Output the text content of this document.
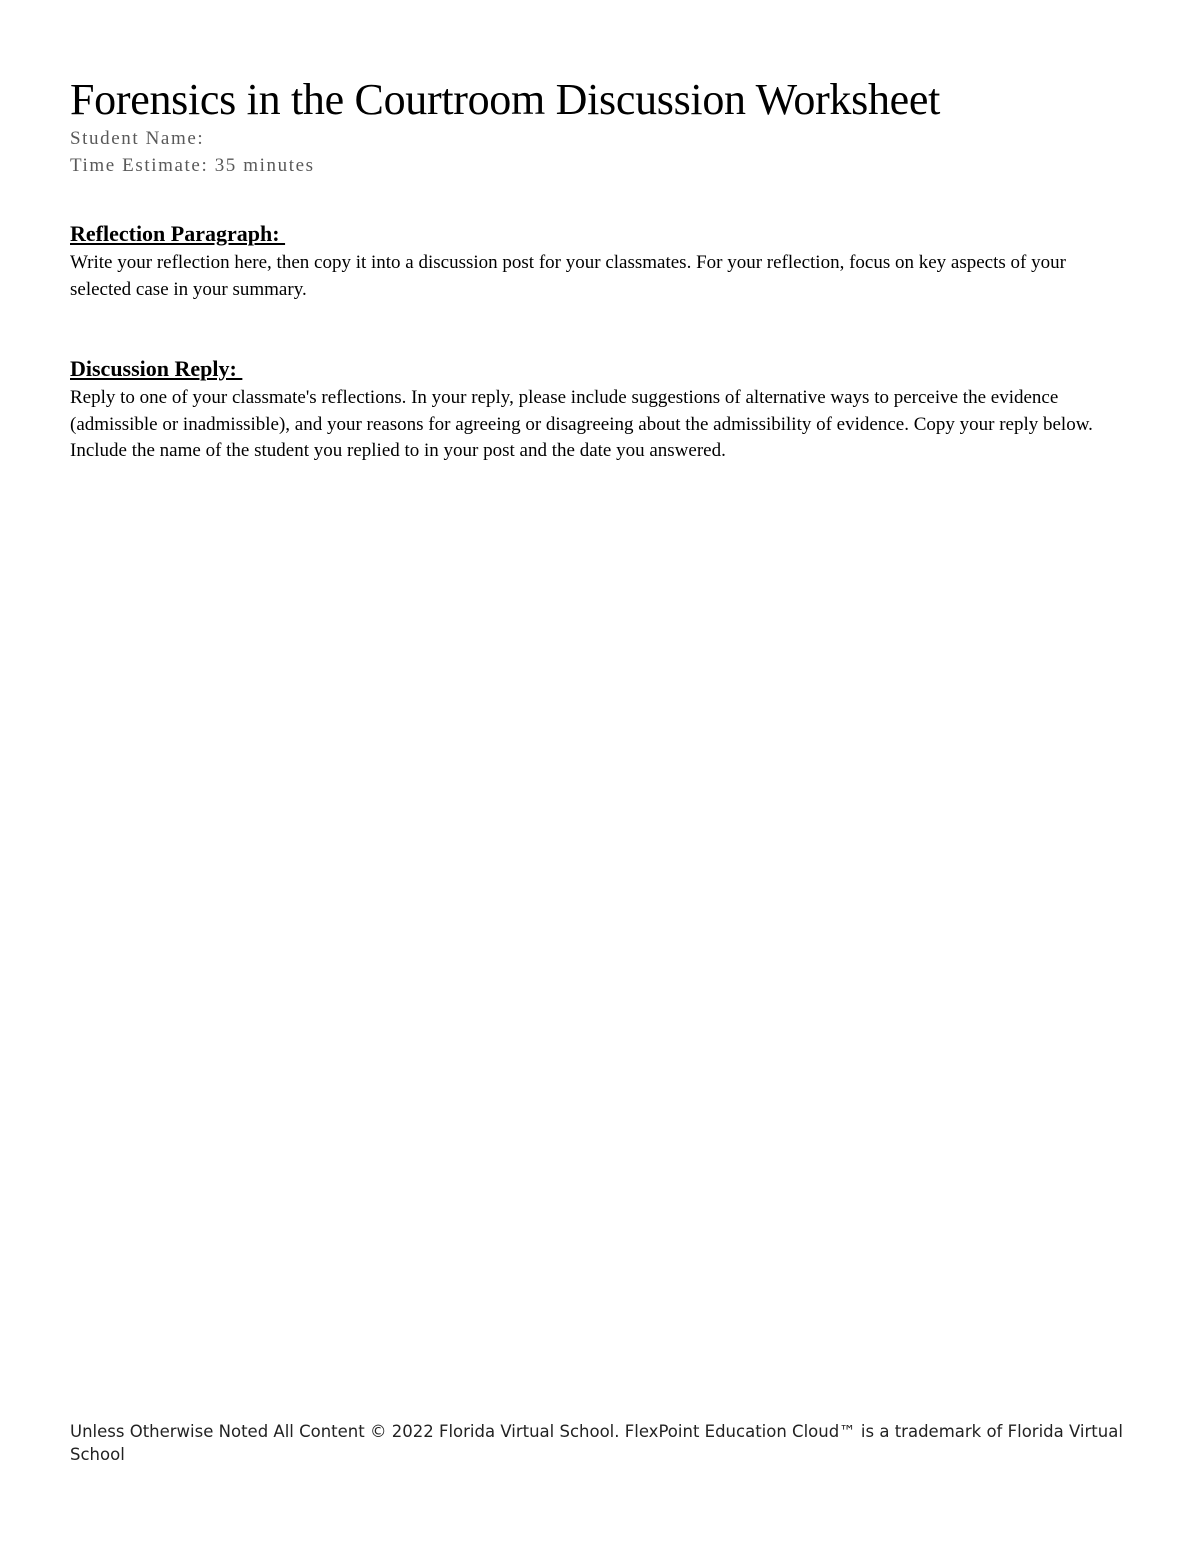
Forensics in the Courtroom Discussion Worksheet
Student Name:
Time Estimate: 35 minutes
Reflection Paragraph:

Write your reflection here, then copy it into a discussion post for your classmates. For your reflection, focus on key aspects of your selected case in your summary.

Discussion Reply:

Reply to one of your classmate's reflections. In your reply, please include suggestions of alternative ways to perceive the evidence (admissible or inadmissible), and your reasons for agreeing or disagreeing about the admissibility of evidence. Copy your reply below. Include the name of the student you replied to in your post and the date you answered.

Unless Otherwise Noted All Content © 2022 Florida Virtual School. FlexPoint Education Cloud™ is a trademark of Florida Virtual School
